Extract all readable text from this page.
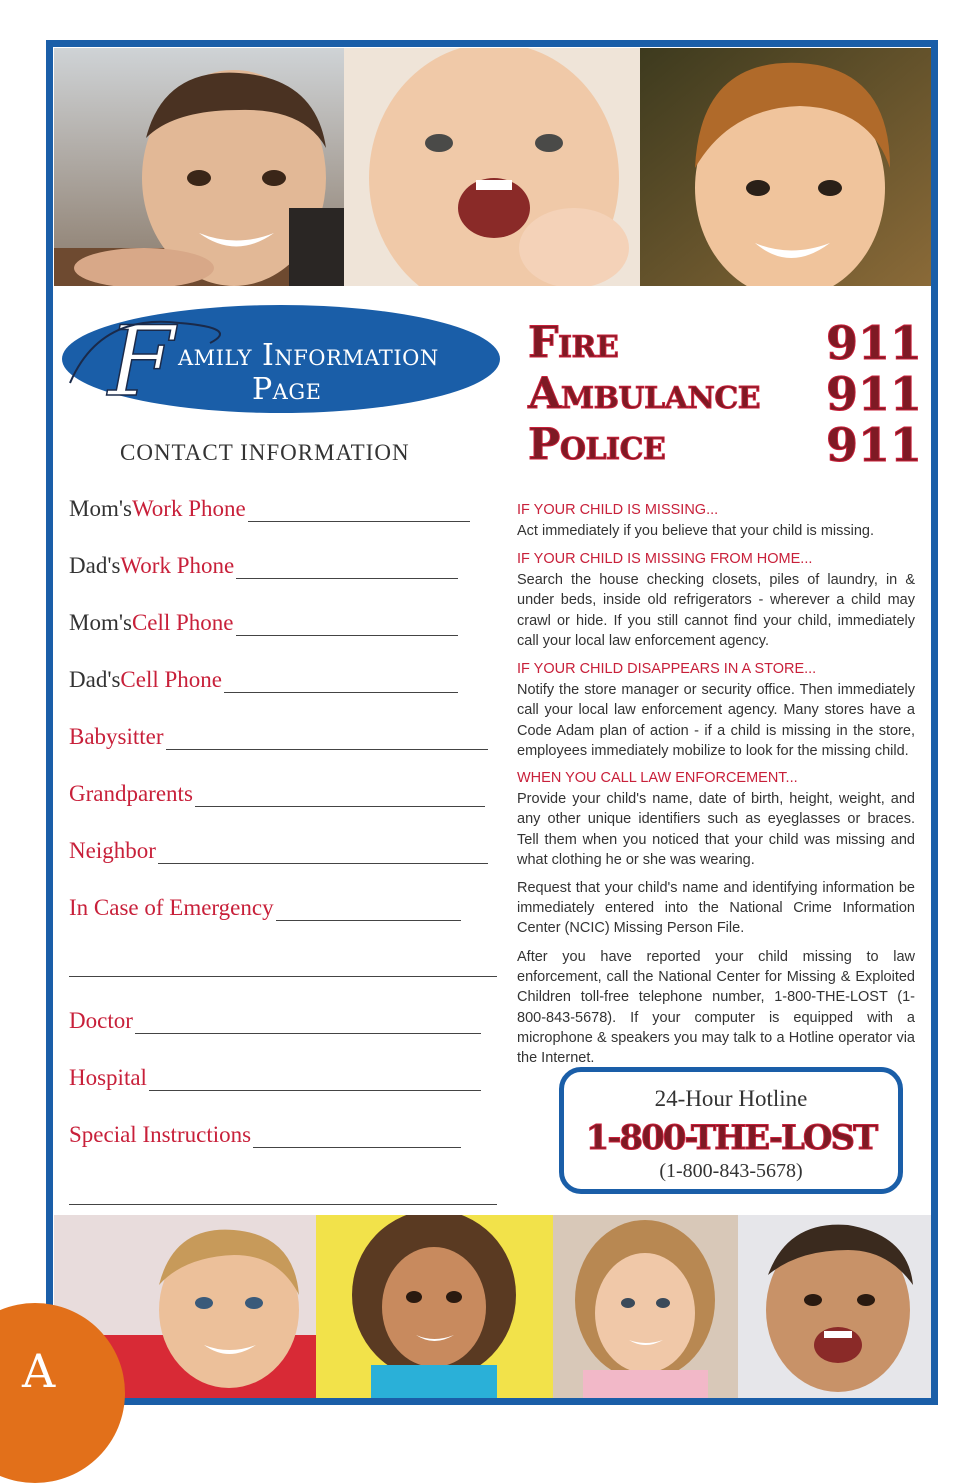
F amily Information
Page
CONTACT INFORMATION
Mom's Work Phone
Dad's Work Phone
Mom's Cell Phone
Dad's Cell Phone
Babysitter
Grandparents
Neighbor
In Case of Emergency
Doctor
Hospital
Special Instructions
Fire	911
Ambulance 911
Police	911
IF YOUR CHILD IS MISSING...

Act immediately if you believe that your child is missing.

IF YOUR CHILD IS MISSING FROM HOME...

Search the house checking closets, piles of laundry, in & under beds, inside old refrigerators - wherever a child may crawl or hide. If you still cannot find your child, immediately call your local law enforcement agency.

IF YOUR CHILD DISAPPEARS IN A STORE...

Notify the store manager or security office. Then immediately call your local law enforcement agency. Many stores have a Code Adam plan of action - if a child is missing in the store, employees immediately mobilize to look for the missing child.

WHEN YOU CALL LAW ENFORCEMENT...

Provide your child's name, date of birth, height, weight, and any other unique identifiers such as eyeglasses or braces. Tell them when you noticed that your child was missing and what clothing he or she was wearing.

Request that your child's name and identifying information be immediately entered into the National Crime Information Center (NCIC) Missing Person File.

After you have reported your child missing to law enforcement, call the National Center for Missing & Exploited Children toll-free telephone number, 1-800-THE-LOST (1-800-843-5678). If your computer is equipped with a microphone & speakers you may talk to a Hotline operator via the Internet.

24-Hour Hotline
1-800-THE-LOST
(1-800-843-5678)
A
